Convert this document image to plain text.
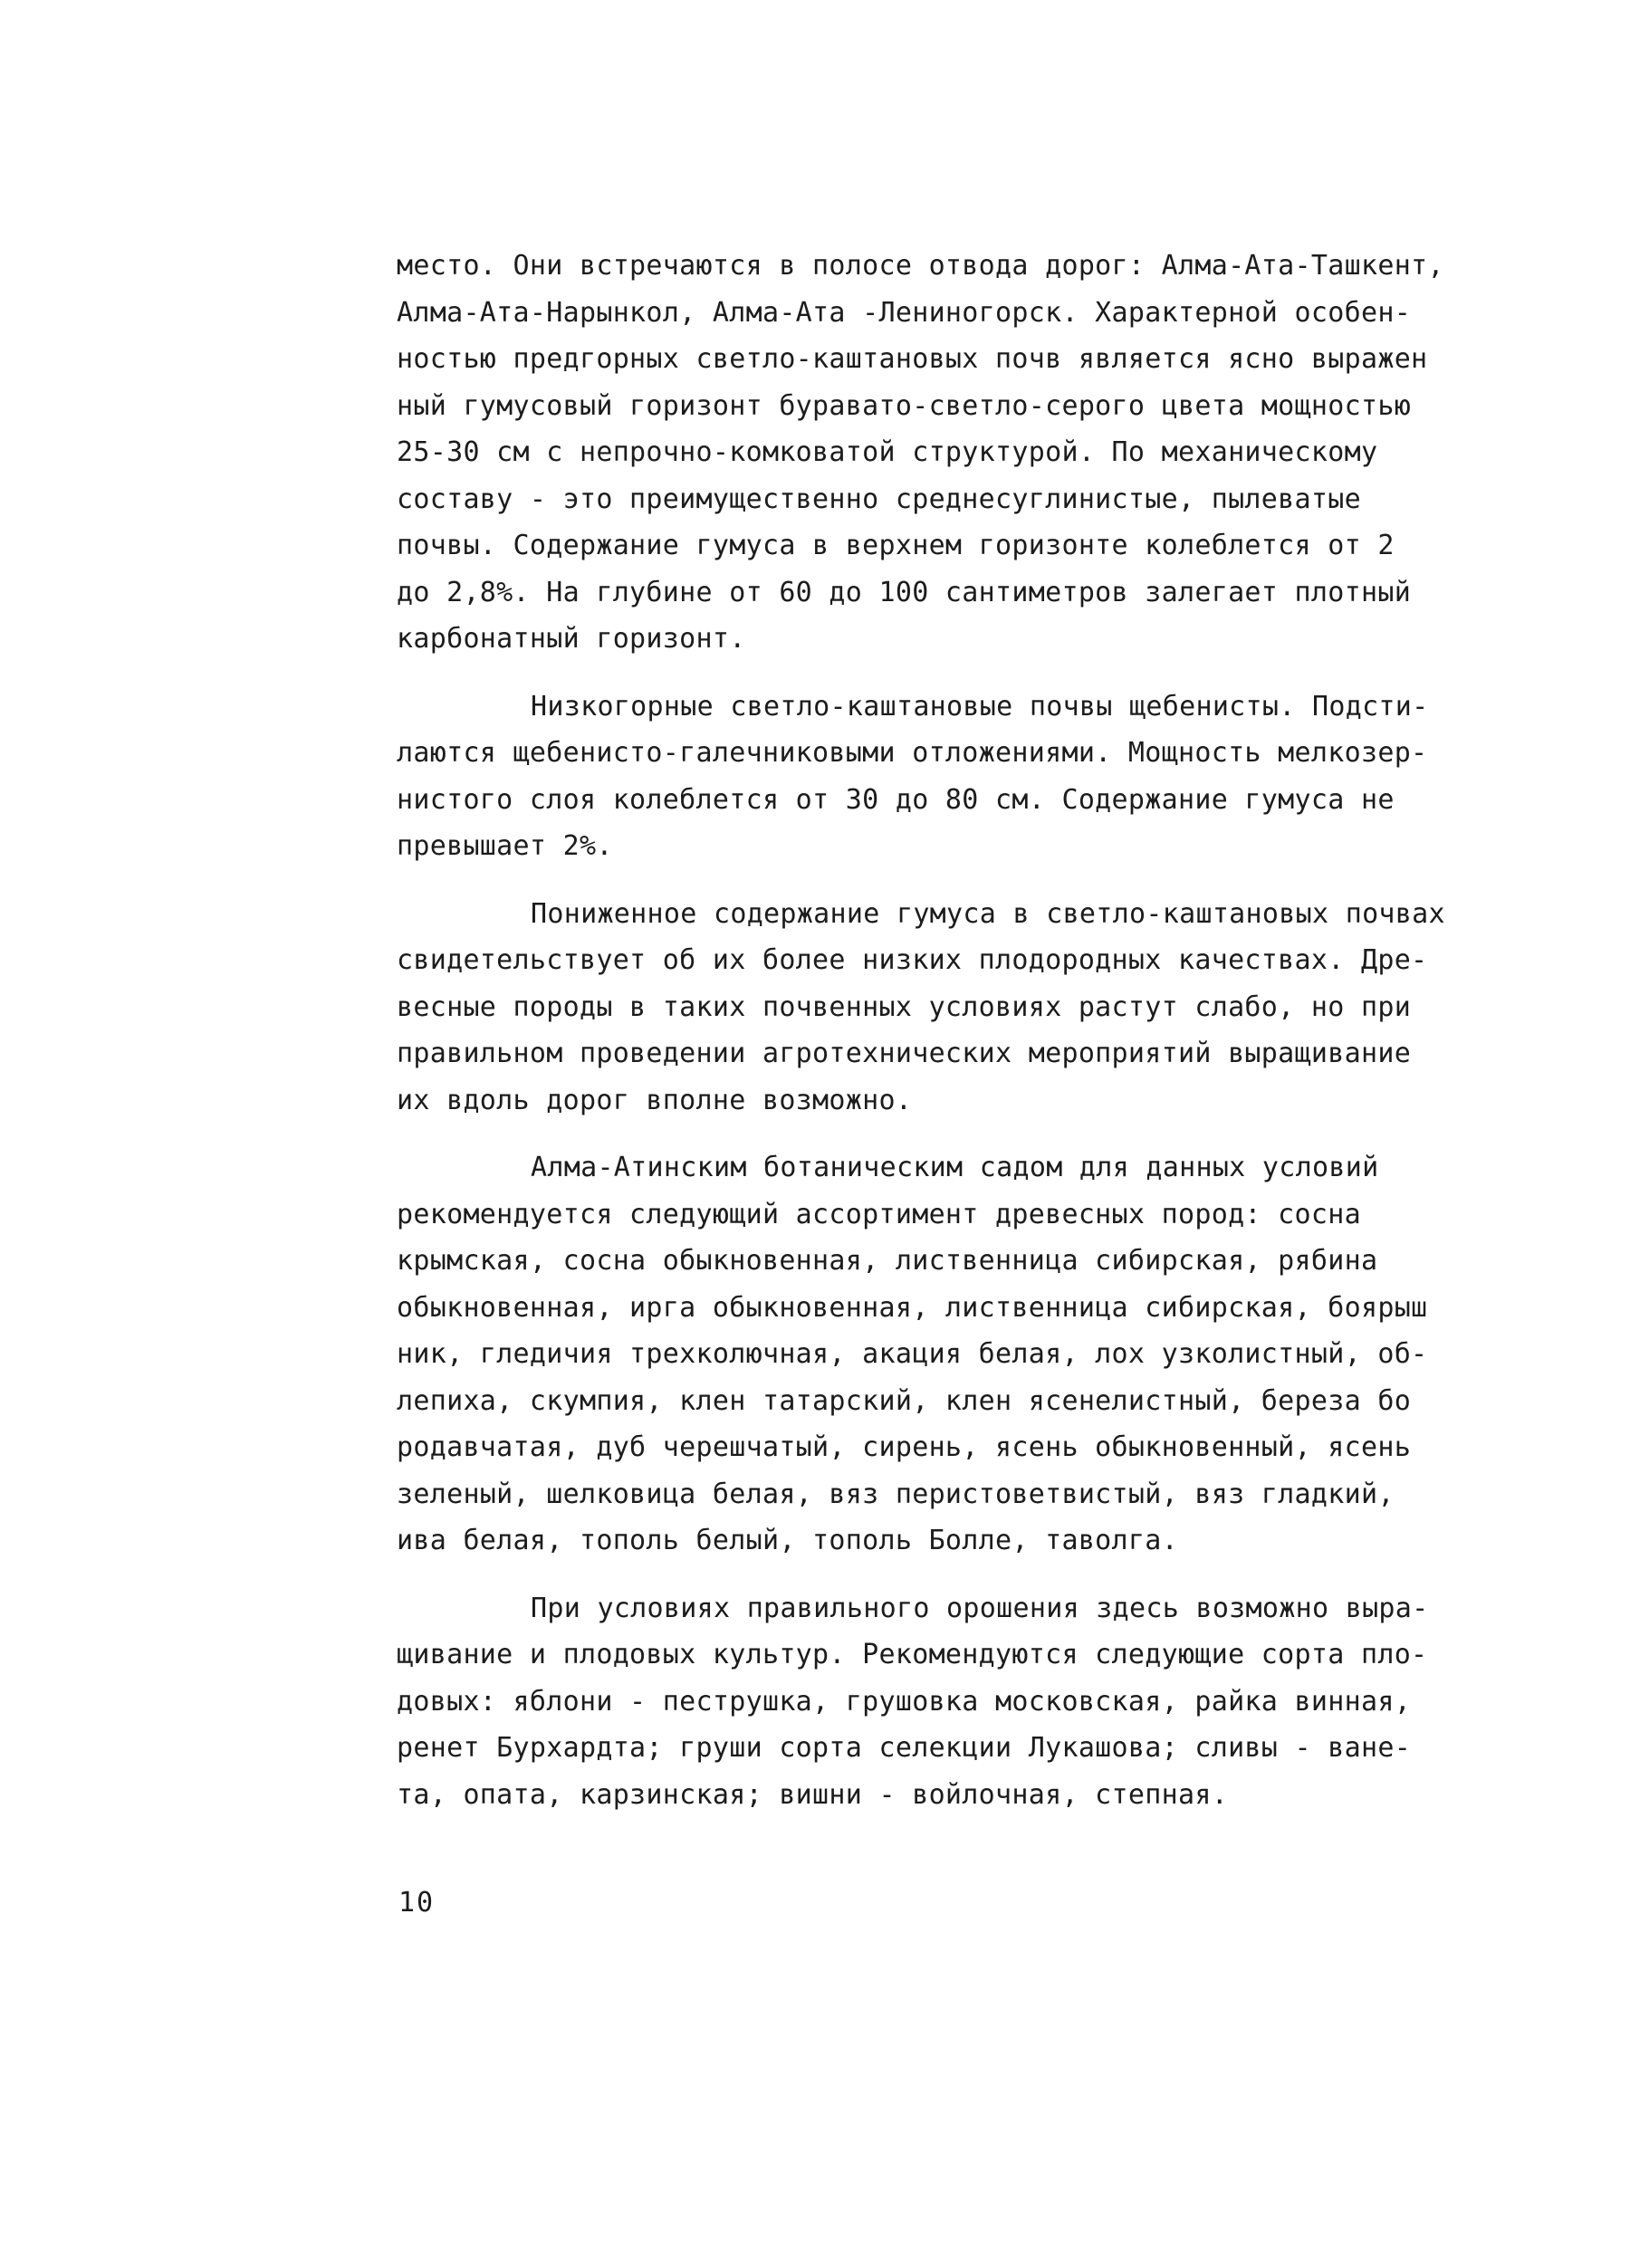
место. Они встречаются в полосе отвода дорог: Алма-Ата-Ташкент,
Алма-Ата-Нарынкол, Алма-Ата -Лениногорск. Характерной особен-
ностью предгорных светло-каштановых почв является ясно выражен
ный гумусовый горизонт буравато-светло-серого цвета мощностью
25-30 см с непрочно-комковатой структурой. По механическому
составу - это преимущественно среднесуглинистые, пылеватые
почвы. Содержание гумуса в верхнем горизонте колеблется от 2
до 2,8%. На глубине от 60 до 100 сантиметров залегает плотный
карбонатный горизонт.

Низкогорные светло-каштановые почвы щебенисты. Подсти-
лаются щебенисто-галечниковыми отложениями. Мощность мелкозер-
нистого слоя колеблется от 30 до 80 см. Содержание гумуса не
превышает 2%.

Пониженное содержание гумуса в светло-каштановых почвах
свидетельствует об их более низких плодородных качествах. Дре-
весные породы в таких почвенных условиях растут слабо, но при
правильном проведении агротехнических мероприятий выращивание
их вдоль дорог вполне возможно.

Алма-Атинским ботаническим садом для данных условий
рекомендуется следующий ассортимент древесных пород: сосна
крымская, сосна обыкновенная, лиственница сибирская, рябина
обыкновенная, ирга обыкновенная, лиственница сибирская, боярыш
ник, гледичия трехколючная, акация белая, лох узколистный, об-
лепиха, скумпия, клен татарский, клен ясенелистный, береза бо
родавчатая, дуб черешчатый, сирень, ясень обыкновенный, ясень
зеленый, шелковица белая, вяз перистоветвистый, вяз гладкий,
ива белая, тополь белый, тополь Болле, таволга.

При условиях правильного орошения здесь возможно выра-
щивание и плодовых культур. Рекомендуются следующие сорта пло-
довых: яблони - пеструшка, грушовка московская, райка винная,
ренет Бурхардта; груши сорта селекции Лукашова; сливы - ване-
та, опата, карзинская; вишни - войлочная, степная.

10
